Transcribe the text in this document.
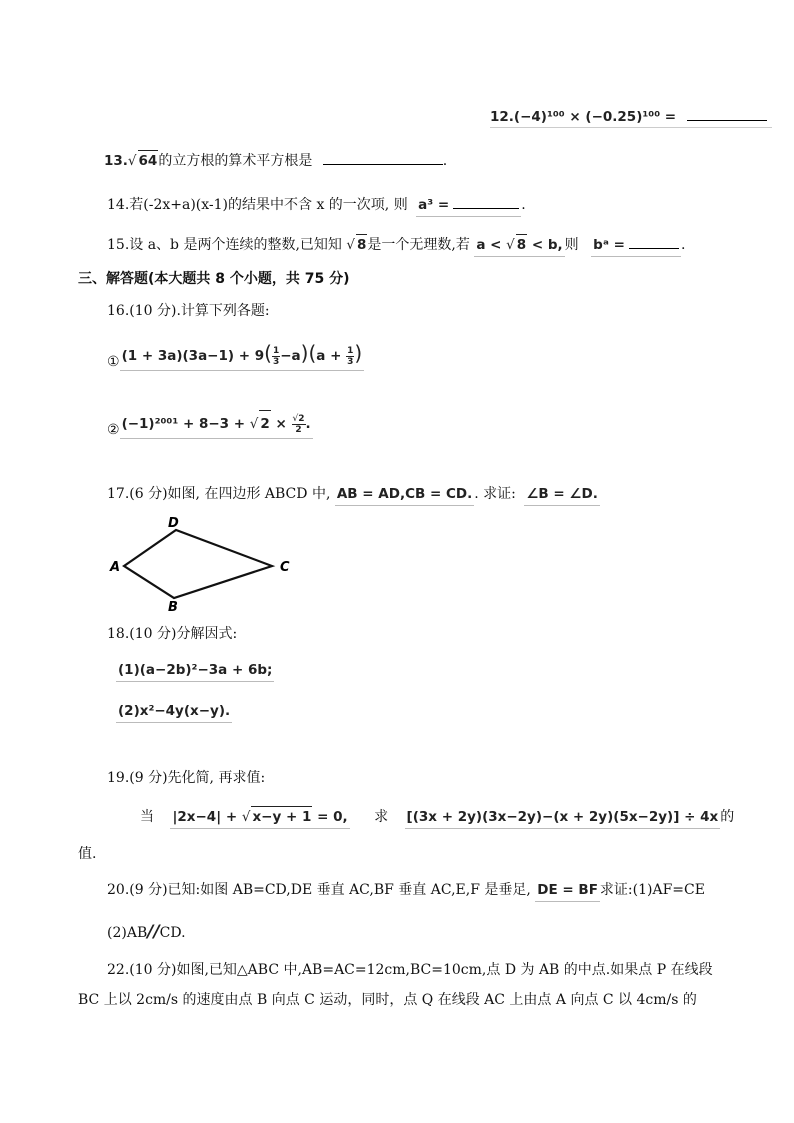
12.(−4)¹⁰⁰ × (−0.25)¹⁰⁰ =
13.√ 64的立方根的算术平方根是	.
14.若(-2x+a)(x-1)的结果中不含 x 的一次项, 则 a³ =	.
15.设 a、b 是两个连续的整数,已知知 √ 8是一个无理数,若 a < √ 8 < b, 则 bᵃ =	.
三、解答题(本大题共 8 个小题，共 75 分)
16.(10 分).计算下列各题:
① $(1 + 3a)(3a-1) + 9( \frac{1}{3} -a)(a + \frac{1}{3}$ )
② (−1)²⁰⁰¹ + 8−3 + √ $2 \times \frac{√2}{2}$ .
17.(6 分)如图, 在四边形 ABCD 中, AB = AD,CB = CD. . 求证: ∠B = ∠D.
A
D
C
B
18.(10 分)分解因式:
(1)(a−2b)²−3a + 6b;
(2)x²−4y(x−y).
19.(9 分)先化简, 再求值:
当 |2x−4| + √ x−y + 1 = 0, 求 [(3x + 2y)(3x−2y)−(x + 2y)(5x−2y)] ÷ 4x 的
值.
20.(9 分)已知:如图 AB=CD,DE 垂直 AC,BF 垂直 AC,E,F 是垂足, DE = BF 求证:(1)AF=CE
(2)AB//CD.
22.(10 分)如图,已知△ABC 中,AB=AC=12cm,BC=10cm,点 D 为 AB 的中点.如果点 P 在线段
BC 上以 2cm/s 的速度由点 B 向点 C 运动，同时，点 Q 在线段 AC 上由点 A 向点 C 以 4cm/s 的
